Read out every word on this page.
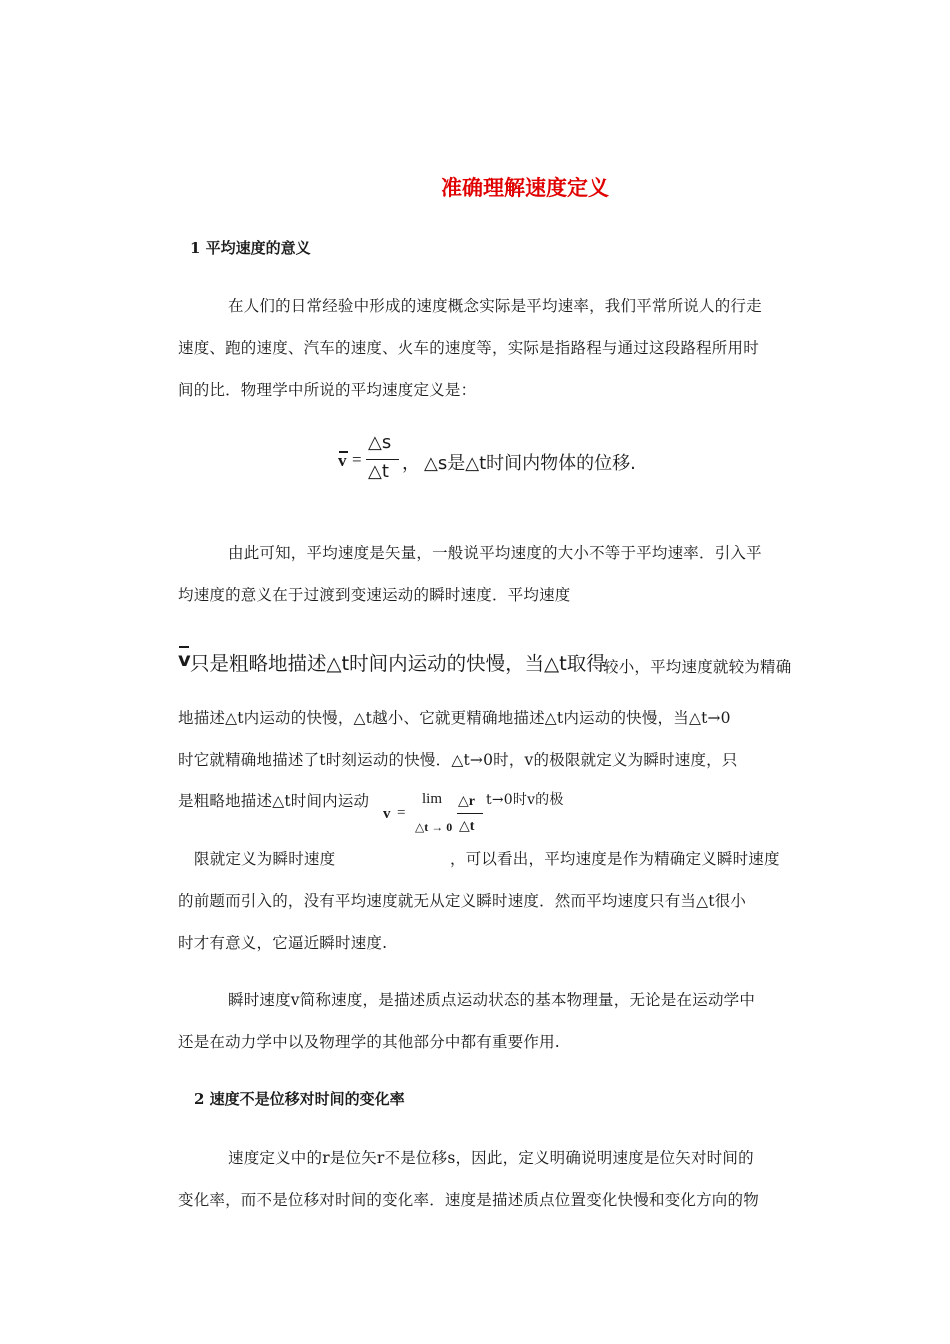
准确理解速度定义
1 平均速度的意义
在人们的日常经验中形成的速度概念实际是平均速率，我们平常所说人的行走
速度、跑的速度、汽车的速度、火车的速度等，实际是指路程与通过这段路程所用时
间的比．物理学中所说的平均速度定义是：
v =
△s
△t ， △s是△t时间内物体的位移.
由此可知，平均速度是矢量，一般说平均速度的大小不等于平均速率．引入平
均速度的意义在于过渡到变速运动的瞬时速度．平均速度
v 只是粗略地描述△t时间内运动的快慢，当△t取得
较小，平均速度就较为精确
地描述△t内运动的快慢，△t越小、它就更精确地描述△t内运动的快慢，当△t→0
时它就精确地描述了t时刻运动的快慢．△t→0时，v的极限就定义为瞬时速度，只
是粗略地描述△t时间内运动	t→0时v的极
v =
lim
△t → 0
△r
△t
限就定义为瞬时速度	，可以看出，平均速度是作为精确定义瞬时速度
的前题而引入的，没有平均速度就无从定义瞬时速度．然而平均速度只有当△t很小
时才有意义，它逼近瞬时速度.
瞬时速度v简称速度，是描述质点运动状态的基本物理量，无论是在运动学中
还是在动力学中以及物理学的其他部分中都有重要作用.
2 速度不是位移对时间的变化率
速度定义中的r是位矢r不是位移s，因此，定义明确说明速度是位矢对时间的
变化率，而不是位移对时间的变化率．速度是描述质点位置变化快慢和变化方向的物
